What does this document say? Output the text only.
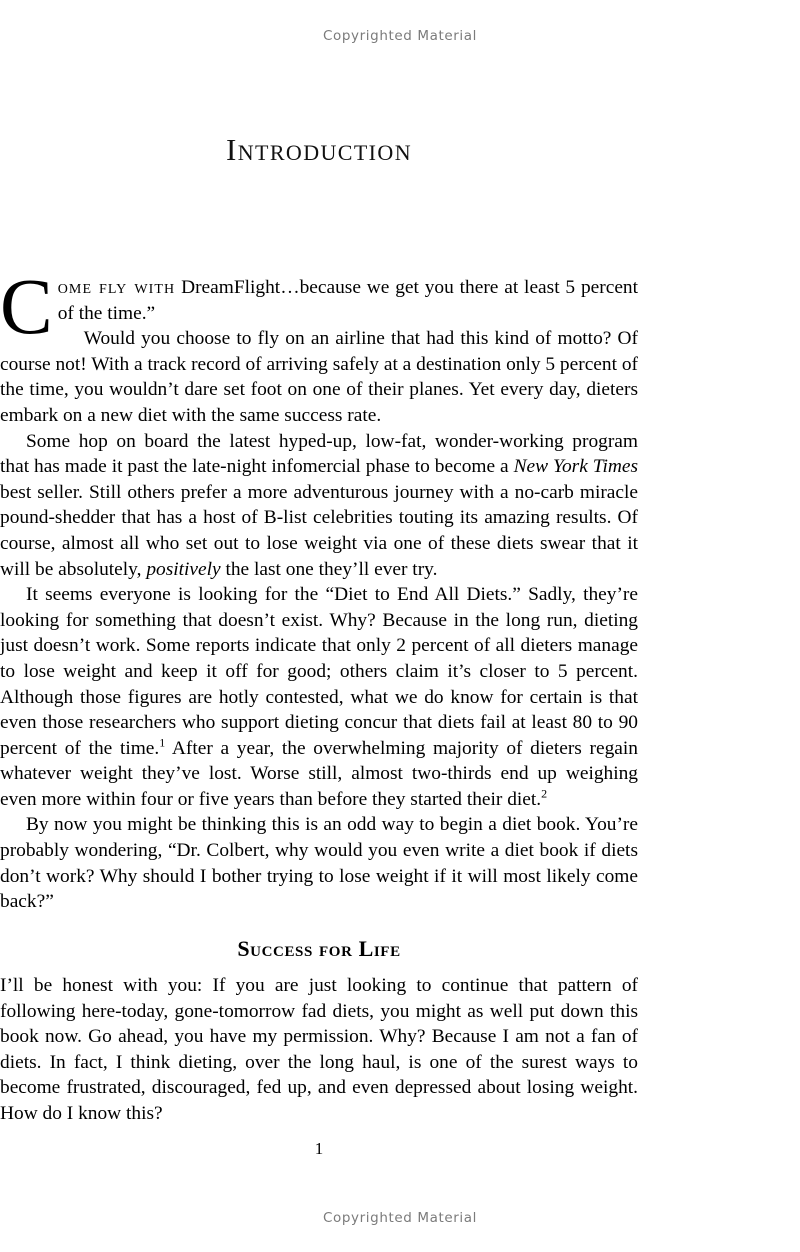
Copyrighted Material
Introduction

Come fly with DreamFlight…because we get you there at least 5 percent of the time.”

Would you choose to fly on an airline that had this kind of motto? Of course not! With a track record of arriving safely at a destination only 5 percent of the time, you wouldn’t dare set foot on one of their planes. Yet every day, dieters embark on a new diet with the same success rate.

Some hop on board the latest hyped-up, low-fat, wonder-working program that has made it past the late-night infomercial phase to become a New York Times best seller. Still others prefer a more adventurous journey with a no-carb miracle pound-shedder that has a host of B-list celebrities touting its amazing results. Of course, almost all who set out to lose weight via one of these diets swear that it will be absolutely, positively the last one they’ll ever try.

It seems everyone is looking for the “Diet to End All Diets.” Sadly, they’re looking for something that doesn’t exist. Why? Because in the long run, dieting just doesn’t work. Some reports indicate that only 2 percent of all dieters manage to lose weight and keep it off for good; others claim it’s closer to 5 percent. Although those figures are hotly contested, what we do know for certain is that even those researchers who support dieting concur that diets fail at least 80 to 90 percent of the time.$^1$ After a year, the overwhelming majority of dieters regain whatever weight they’ve lost. Worse still, almost two-thirds end up weighing even more within four or five years than before they started their diet.$^2$

By now you might be thinking this is an odd way to begin a diet book. You’re probably wondering, “Dr. Colbert, why would you even write a diet book if diets don’t work? Why should I bother trying to lose weight if it will most likely come back?”

Success for Life

I’ll be honest with you: If you are just looking to continue that pattern of following here-today, gone-tomorrow fad diets, you might as well put down this book now. Go ahead, you have my permission. Why? Because I am not a fan of diets. In fact, I think dieting, over the long haul, is one of the surest ways to become frustrated, discouraged, fed up, and even depressed about losing weight. How do I know this?

1
Copyrighted Material
